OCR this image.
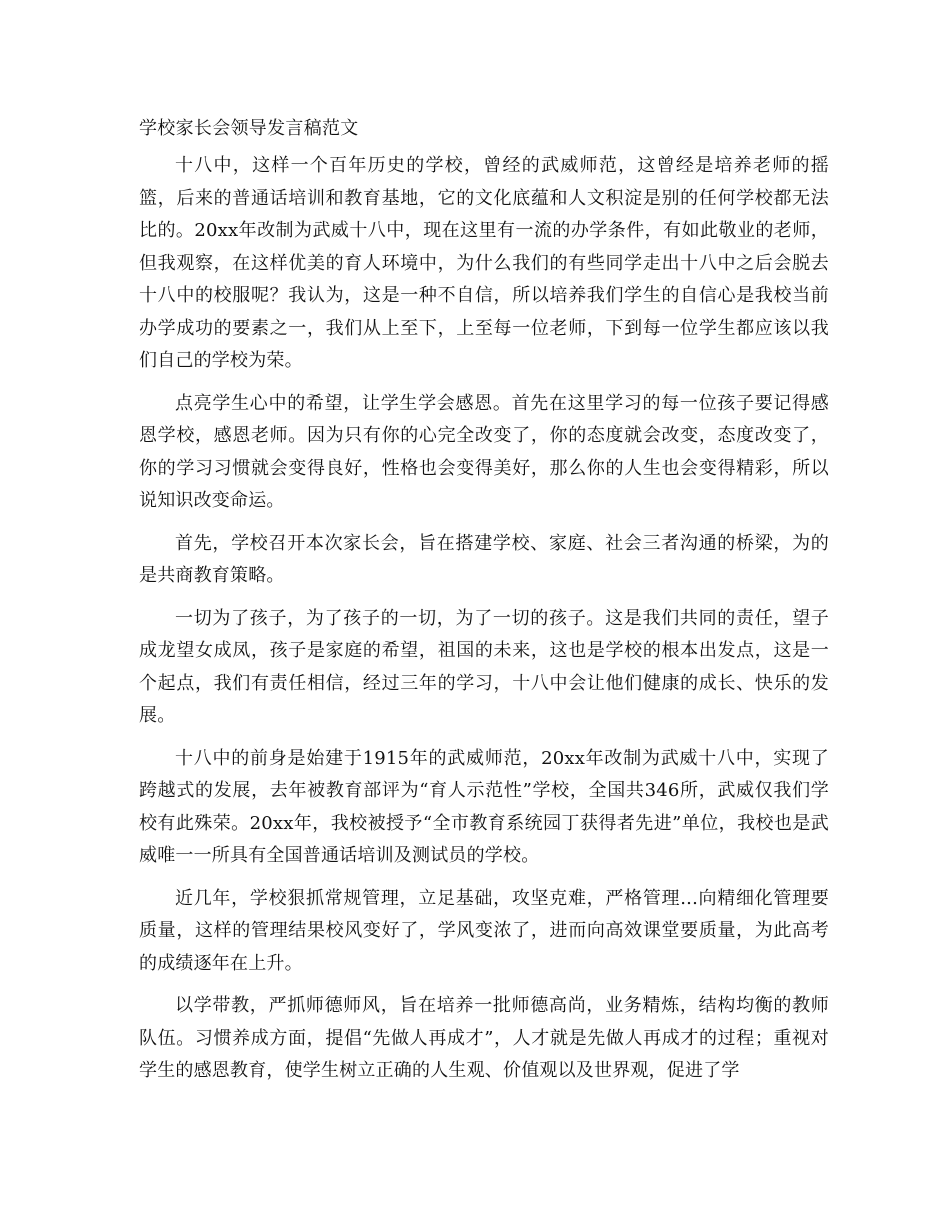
学校家长会领导发言稿范文

十八中，这样一个百年历史的学校，曾经的武威师范，这曾经是培养老师的摇篮，后来的普通话培训和教育基地，它的文化底蕴和人文积淀是别的任何学校都无法比的。20xx年改制为武威十八中，现在这里有一流的办学条件，有如此敬业的老师，但我观察，在这样优美的育人环境中，为什么我们的有些同学走出十八中之后会脱去十八中的校服呢？我认为，这是一种不自信，所以培养我们学生的自信心是我校当前办学成功的要素之一，我们从上至下，上至每一位老师，下到每一位学生都应该以我们自己的学校为荣。

点亮学生心中的希望，让学生学会感恩。首先在这里学习的每一位孩子要记得感恩学校，感恩老师。因为只有你的心完全改变了，你的态度就会改变，态度改变了，你的学习习惯就会变得良好，性格也会变得美好，那么你的人生也会变得精彩，所以说知识改变命运。

首先，学校召开本次家长会，旨在搭建学校、家庭、社会三者沟通的桥梁，为的是共商教育策略。

一切为了孩子，为了孩子的一切，为了一切的孩子。这是我们共同的责任，望子成龙望女成凤，孩子是家庭的希望，祖国的未来，这也是学校的根本出发点，这是一个起点，我们有责任相信，经过三年的学习，十八中会让他们健康的成长、快乐的发展。

十八中的前身是始建于1915年的武威师范，20xx年改制为武威十八中，实现了跨越式的发展，去年被教育部评为“育人示范性”学校，全国共346所，武威仅我们学校有此殊荣。20xx年，我校被授予“全市教育系统园丁获得者先进”单位，我校也是武威唯一一所具有全国普通话培训及测试员的学校。

近几年，学校狠抓常规管理，立足基础，攻坚克难，严格管理...向精细化管理要质量，这样的管理结果校风变好了，学风变浓了，进而向高效课堂要质量，为此高考的成绩逐年在上升。

以学带教，严抓师德师风，旨在培养一批师德高尚，业务精炼，结构均衡的教师队伍。习惯养成方面，提倡“先做人再成才”，人才就是先做人再成才的过程；重视对学生的感恩教育，使学生树立正确的人生观、价值观以及世界观，促进了学
